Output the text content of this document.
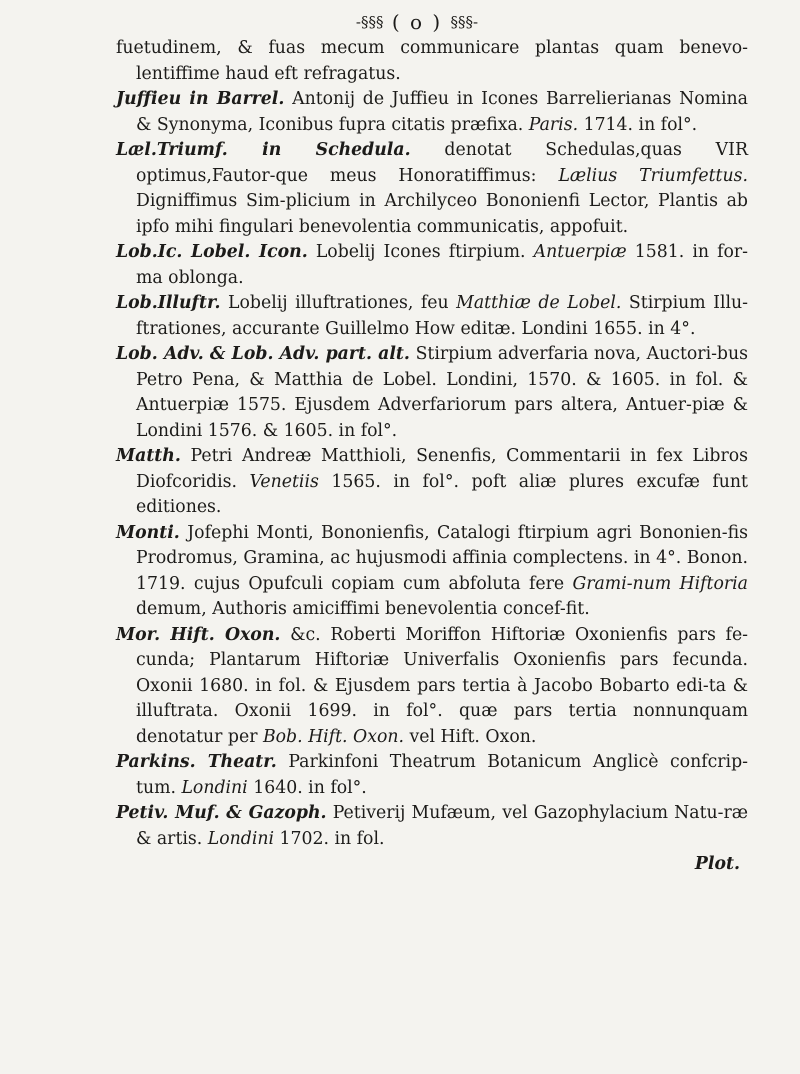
-§§§ ( o ) §§§-

fuetudinem, & fuas mecum communicare plantas quam benevo-lentiffime haud eft refragatus.

Juffieu in Barrel. Antonij de Juffieu in Icones Barrelierianas Nomina & Synonyma, Iconibus fupra citatis præfixa. Paris. 1714. in fol°.

Læl.Triumf. in Schedula. denotat Schedulas,quas VIR optimus,Fautor-que meus Honoratiffimus: Lælius Triumfettus. Digniffimus Sim-plicium in Archilyceo Bononienfi Lector, Plantis ab ipfo mihi fingulari benevolentia communicatis, appofuit.

Lob.Ic. Lobel. Icon. Lobelij Icones ftirpium. Antuerpiæ 1581. in for-ma oblonga.

Lob.Illuftr. Lobelij illuftrationes, feu Matthiæ de Lobel. Stirpium Illu-ftrationes, accurante Guillelmo How editæ. Londini 1655. in 4°.

Lob. Adv. & Lob. Adv. part. alt. Stirpium adverfaria nova, Auctori-bus Petro Pena, & Matthia de Lobel. Londini, 1570. & 1605. in fol. & Antuerpiæ 1575. Ejusdem Adverfariorum pars altera, Antuer-piæ & Londini 1576. & 1605. in fol°.

Matth. Petri Andreæ Matthioli, Senenfis, Commentarii in fex Libros Diofcoridis. Venetiis 1565. in fol°. poft aliæ plures excufæ funt editiones.

Monti. Jofephi Monti, Bononienfis, Catalogi ftirpium agri Bononien-fis Prodromus, Gramina, ac hujusmodi affinia complectens. in 4°. Bonon. 1719. cujus Opufculi copiam cum abfoluta fere Grami-num Hiftoria demum, Authoris amiciffimi benevolentia concef-fit.

Mor. Hift. Oxon. &c. Roberti Moriffon Hiftoriæ Oxonienfis pars fe-cunda; Plantarum Hiftoriæ Univerfalis Oxonienfis pars fecunda. Oxonii 1680. in fol. & Ejusdem pars tertia à Jacobo Bobarto edi-ta & illuftrata. Oxonii 1699. in fol°. quæ pars tertia nonnunquam denotatur per Bob. Hift. Oxon. vel Hift. Oxon.

Parkins. Theatr. Parkinfoni Theatrum Botanicum Anglicè confcrip-tum. Londini 1640. in fol°.

Petiv. Muf. & Gazoph. Petiverij Mufæum, vel Gazophylacium Natu-ræ & artis. Londini 1702. in fol.

Plot.
